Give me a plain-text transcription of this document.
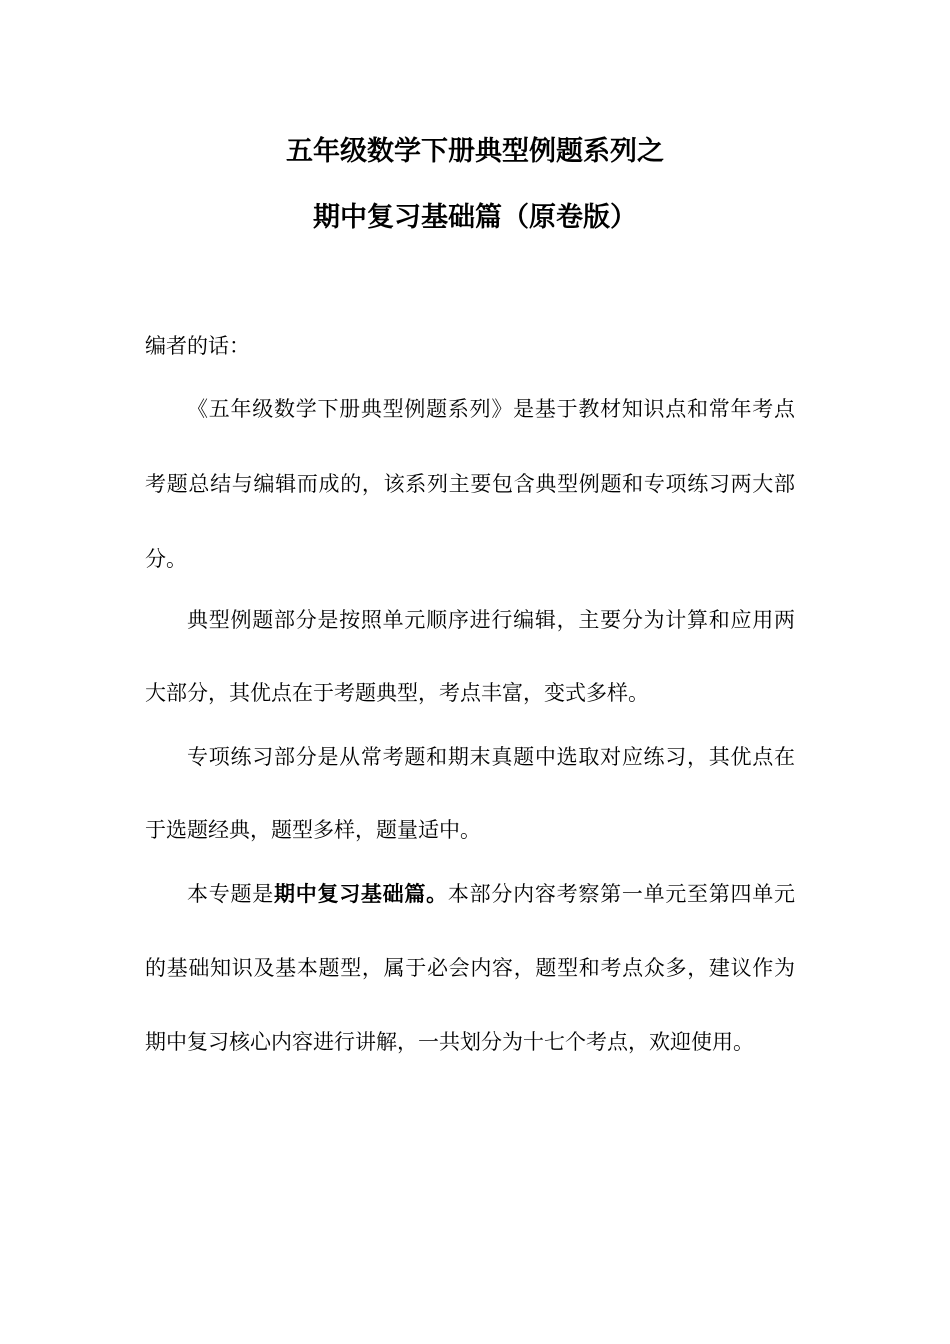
五年级数学下册典型例题系列之
期中复习基础篇（原卷版）
编者的话：
《五年级数学下册典型例题系列》是基于教材知识点和常年考点考题总结与编辑而成的，该系列主要包含典型例题和专项练习两大部分。
典型例题部分是按照单元顺序进行编辑，主要分为计算和应用两大部分，其优点在于考题典型，考点丰富，变式多样。
专项练习部分是从常考题和期末真题中选取对应练习，其优点在于选题经典，题型多样，题量适中。
本专题是期中复习基础篇。本部分内容考察第一单元至第四单元的基础知识及基本题型，属于必会内容，题型和考点众多，建议作为期中复习核心内容进行讲解，一共划分为十七个考点，欢迎使用。
